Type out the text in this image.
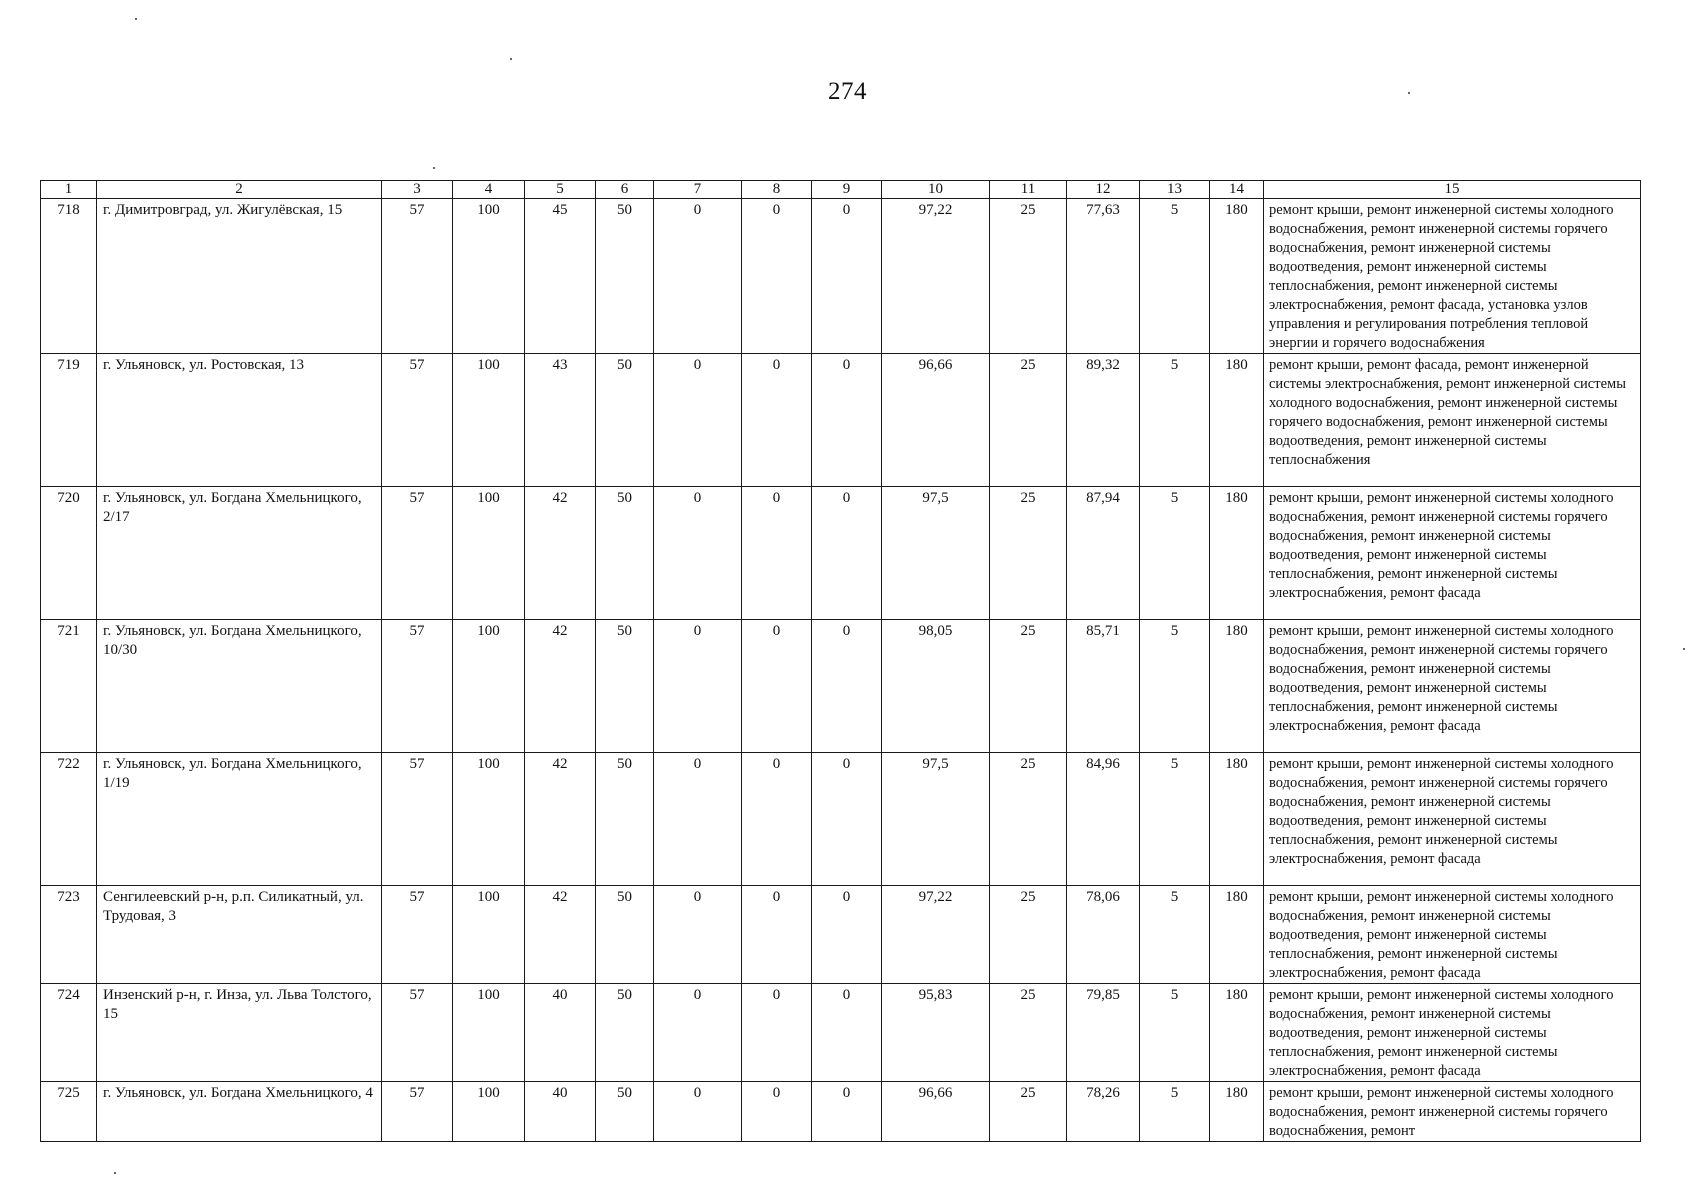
274
1	2	3	4	5	6	7	8	9	10	11	12	13	14	15
718	г. Димитровград, ул. Жигулёвская, 15	57	100	45	50	0	0	0	97,22	25	77,63	5	180	ремонт крыши, ремонт инженерной системы холодного водоснабжения, ремонт инженерной системы горячего водоснабжения, ремонт инженерной системы водоотведения, ремонт инженерной системы теплоснабжения, ремонт инженерной системы электроснабжения, ремонт фасада, установка узлов управления и регулирования потребления тепловой энергии и горячего водоснабжения
719	г. Ульяновск, ул. Ростовская, 13	57	100	43	50	0	0	0	96,66	25	89,32	5	180	ремонт крыши, ремонт фасада, ремонт инженерной системы электроснабжения, ремонт инженерной системы холодного водоснабжения, ремонт инженерной системы горячего водоснабжения, ремонт инженерной системы водоотведения, ремонт инженерной системы теплоснабжения
720	г. Ульяновск, ул. Богдана Хмельницкого, 2/17	57	100	42	50	0	0	0	97,5	25	87,94	5	180	ремонт крыши, ремонт инженерной системы холодного водоснабжения, ремонт инженерной системы горячего водоснабжения, ремонт инженерной системы водоотведения, ремонт инженерной системы теплоснабжения, ремонт инженерной системы электроснабжения, ремонт фасада
721	г. Ульяновск, ул. Богдана Хмельницкого, 10/30	57	100	42	50	0	0	0	98,05	25	85,71	5	180	ремонт крыши, ремонт инженерной системы холодного водоснабжения, ремонт инженерной системы горячего водоснабжения, ремонт инженерной системы водоотведения, ремонт инженерной системы теплоснабжения, ремонт инженерной системы электроснабжения, ремонт фасада
722	г. Ульяновск, ул. Богдана Хмельницкого, 1/19	57	100	42	50	0	0	0	97,5	25	84,96	5	180	ремонт крыши, ремонт инженерной системы холодного водоснабжения, ремонт инженерной системы горячего водоснабжения, ремонт инженерной системы водоотведения, ремонт инженерной системы теплоснабжения, ремонт инженерной системы электроснабжения, ремонт фасада
723	Сенгилеевский р-н, р.п. Силикатный, ул. Трудовая, 3	57	100	42	50	0	0	0	97,22	25	78,06	5	180	ремонт крыши, ремонт инженерной системы холодного водоснабжения, ремонт инженерной системы водоотведения, ремонт инженерной системы теплоснабжения, ремонт инженерной системы электроснабжения, ремонт фасада
724	Инзенский р-н, г. Инза, ул. Льва Толстого, 15	57	100	40	50	0	0	0	95,83	25	79,85	5	180	ремонт крыши, ремонт инженерной системы холодного водоснабжения, ремонт инженерной системы водоотведения, ремонт инженерной системы теплоснабжения, ремонт инженерной системы электроснабжения, ремонт фасада
725	г. Ульяновск, ул. Богдана Хмельницкого, 4	57	100	40	50	0	0	0	96,66	25	78,26	5	180	ремонт крыши, ремонт инженерной системы холодного водоснабжения, ремонт инженерной системы горячего водоснабжения, ремонт
